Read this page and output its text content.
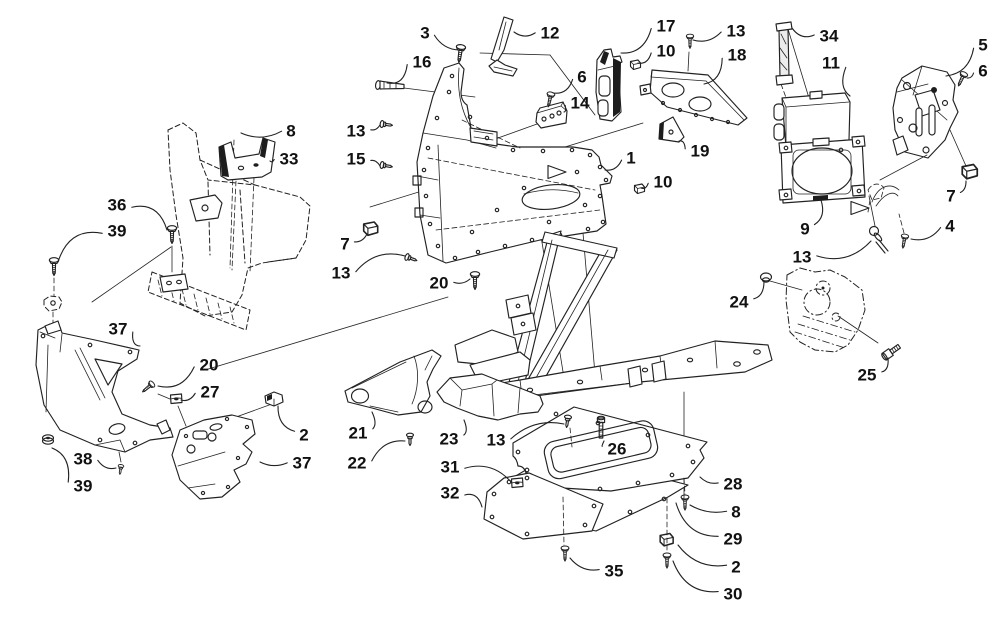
3
16
13
15
8
33
36
39
12	17	13
10	18
6
14
1	19
10
34
11
5
6
9
13
7
4
24
25
7
13
20
37
20
27
2
37
38
39
21
22
23 13	26
31
32
35
28
8
29
2
30
